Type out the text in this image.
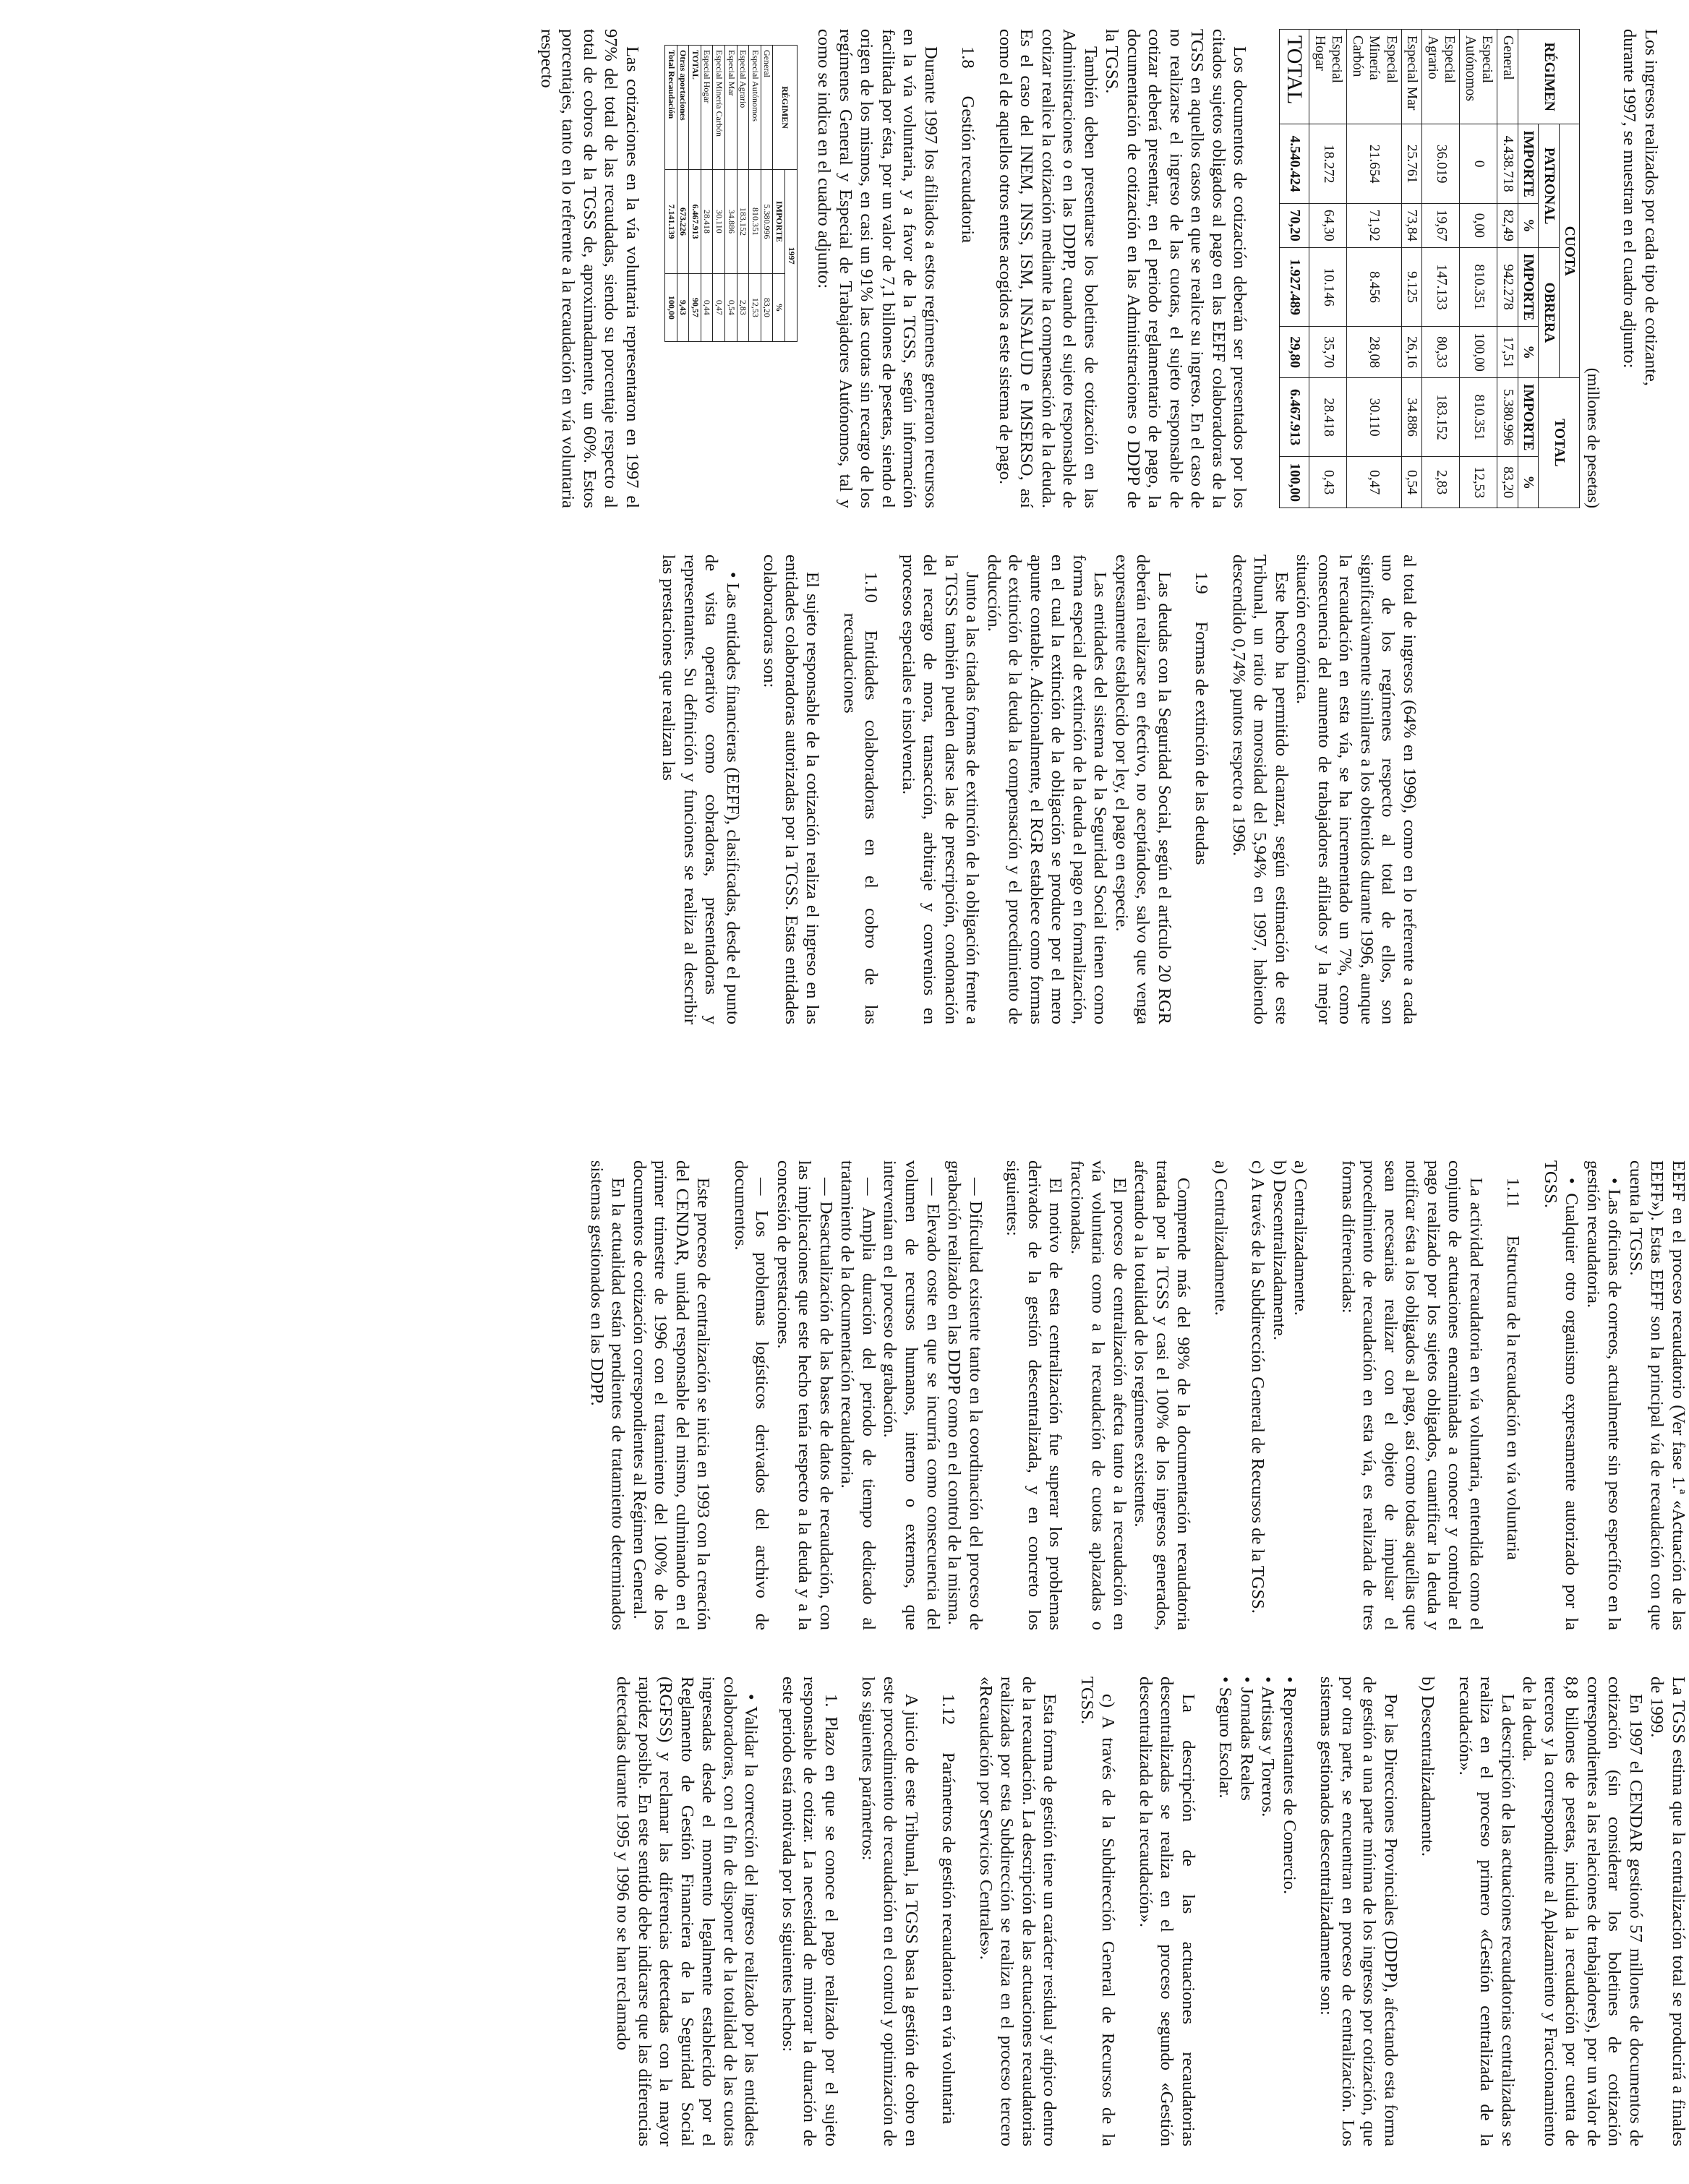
Los ingresos realizados por cada tipo de cotizante,
durante 1997, se muestran en el cuadro adjunto:

(millones de pesetas)
RÉGIMEN	CUOTA				TOTAL	
	PATRONAL		OBRERA			
	IMPORTE	%	IMPORTE	%	IMPORTE	%
General	4.438.718	82,49	942.278	17,51	5.380.996	83,20
Especial Autónomos	0	0,00	810.351	100,00	810.351	12,53
Especial Agrario	36.019	19,67	147.133	80,33	183.152	2,83
Especial Mar	25.761	73,84	9.125	26,16	34.886	0,54
Especial Minería Carbón	21.654	71,92	8.456	28,08	30.110	0,47
Especial Hogar	18.272	64,30	10.146	35,70	28.418	0,43
TOTAL	4.540.424	70,20	1.927.489	29,80	6.467.913	100,00

Los documentos de cotización deberán ser presentados por los citados sujetos obligados al pago en las EEFF colaboradoras de la TGSS en aquellos casos en que se realice su ingreso. En el caso de no realizarse el ingreso de las cuotas, el sujeto responsable de cotizar deberá presentar, en el periodo reglamentario de pago, la documentación de cotización en las Administraciones o DDPP de la TGSS.

También deben presentarse los boletines de cotización en las Administraciones o en las DDPP, cuando el sujeto responsable de cotizar realice la cotización mediante la compensación de la deuda. Es el caso del INEM, INSS, ISM, INSALUD e IMSERSO, así como el de aquellos otros entes acogidos a este sistema de pago.

1.8
Gestión recaudatoria

Durante 1997 los afiliados a estos regímenes generaron recursos en la vía voluntaria, y a favor de la TGSS, según información facilitada por ésta, por un valor de 7,1 billones de pesetas, siendo el origen de los mismos, en casi un 91% las cuotas sin recargo de los regímenes General y Especial de Trabajadores Autónomos, tal y como se indica en el cuadro adjunto:

RÉGIMEN	1997	
	IMPORTE	%
General	5.380.996	83,20
Especial Autónomos	810.351	12,53
Especial Agrario	183.152	2,83
Especial Mar	34.886	0,54
Especial Minería Carbón	30.110	0,47
Especial Hogar	28.418	0,44
TOTAL	6.467.913	90,57
Otras aportaciones	673.226	9,43
Total Recaudación	7.141.139	100,00

Las cotizaciones en la vía voluntaria representaron en 1997 el 97% del total de las recaudadas, siendo su porcentaje respecto al total de cobros de la TGSS de, aproximadamente, un 60%. Estos porcentajes, tanto en lo referente a la recaudación en vía voluntaria respecto

al total de ingresos (64% en 1996), como en lo referente a cada uno de los regímenes respecto al total de ellos, son significativamente similares a los obtenidos durante 1996, aunque la recaudación en esta vía, se ha incrementado un 7%, como consecuencia del aumento de trabajadores afiliados y la mejor situación económica.

Este hecho ha permitido alcanzar, según estimación de este Tribunal, un ratio de morosidad del 5,94% en 1997, habiendo descendido 0,74% puntos respecto a 1996.

1.9
Formas de extinción de las deudas

Las deudas con la Seguridad Social, según el artículo 20 RGR deberán realizarse en efectivo, no aceptándose, salvo que venga expresamente establecido por ley, el pago en especie.

Las entidades del sistema de la Seguridad Social tienen como forma especial de extinción de la deuda el pago en formalización, en el cual la extinción de la obligación se produce por el mero apunte contable. Adicionalmente, el RGR establece como formas de extinción de la deuda la compensación y el procedimiento de deducción.

Junto a las citadas formas de extinción de la obligación frente a la TGSS también pueden darse las de prescripción, condonación del recargo de mora, transacción, arbitraje y convenios en procesos especiales e insolvencia.

1.10
Entidades colaboradoras en el cobro de las recaudaciones

El sujeto responsable de la cotización realiza el ingreso en las entidades colaboradoras autorizadas por la TGSS. Estas entidades colaboradoras son:

• Las entidades financieras (EEFF), clasificadas, desde el punto de vista operativo como cobradoras, presentadoras y representantes. Su definición y funciones se realiza al describir las prestaciones que realizan las

EEFF en el proceso recaudatorio (Ver fase 1.ª «Actuación de las EEFF»). Estas EEFF son la principal vía de recaudación con que cuenta la TGSS.

• Las oficinas de correos, actualmente sin peso específico en la gestión recaudatoria.

• Cualquier otro organismo expresamente autorizado por la TGSS.

1.11
Estructura de la recaudación en vía voluntaria

La actividad recaudatoria en vía voluntaria, entendida como el conjunto de actuaciones encaminadas a conocer y controlar el pago realizado por los sujetos obligados, cuantificar la deuda y notificar ésta a los obligados al pago, así como todas aquéllas que sean necesarias realizar con el objeto de impulsar el procedimiento de recaudación en esta vía, es realizada de tres formas diferenciadas:

a) Centralizadamente.

b) Descentralizadamente.

c) A través de la Subdirección General de Recursos de la TGSS.

a) Centralizadamente.

Comprende más del 98% de la documentación recaudatoria tratada por la TGSS y casi el 100% de los ingresos generados, afectando a la totalidad de los regímenes existentes.

El proceso de centralización afecta tanto a la recaudación en vía voluntaria como a la recaudación de cuotas aplazadas o fraccionadas.

El motivo de esta centralización fue superar los problemas derivados de la gestión descentralizada, y en concreto los siguientes:

— Dificultad existente tanto en la coordinación del proceso de grabación realizado en las DDPP como en el control de la misma.

— Elevado coste en que se incurría como consecuencia del volumen de recursos humanos, interno o externos, que intervenían en el proceso de grabación.

— Amplia duración del periodo de tiempo dedicado al tratamiento de la documentación recaudatoria.

— Desactualización de las bases de datos de recaudación, con las implicaciones que este hecho tenía respecto a la deuda y a la concesión de prestaciones.

— Los problemas logísticos derivados del archivo de documentos.

Este proceso de centralización se inicia en 1993 con la creación del CENDAR, unidad responsable del mismo, culminando en el primer trimestre de 1996 con el tratamiento del 100% de los documentos de cotización correspondientes al Régimen General.

En la actualidad están pendientes de tratamiento determinados sistemas gestionados en las DDPP.

La TGSS estima que la centralización total se producirá a finales de 1999.

En 1997 el CENDAR gestionó 57 millones de documentos de cotización (sin considerar los boletines de cotización correspondientes a las relaciones de trabajadores), por un valor de 8,8 billones de pesetas, incluida la recaudación por cuenta de terceros y la correspondiente al Aplazamiento y Fraccionamiento de la deuda.

La descripción de las actuaciones recaudatorias centralizadas se realiza en el proceso primero «Gestión centralizada de la recaudación».

b) Descentralizadamente.

Por las Direcciones Provinciales (DDPP), afectando esta forma de gestión a una parte mínima de los ingresos por cotización, que por otra parte, se encuentran en proceso de centralización. Los sistemas gestionados descentralizadamente son:

• Representantes de Comercio.

• Artistas y Toreros.

• Jornadas Reales

• Seguro Escolar.

La descripción de las actuaciones recaudatorias descentralizadas se realiza en el proceso segundo «Gestión descentralizada de la recaudación».

c) A través de la Subdirección General de Recursos de la TGSS.

Esta forma de gestión tiene un carácter residual y atípico dentro de la recaudación. La descripción de las actuaciones recaudatorias realizadas por esta Subdirección se realiza en el proceso tercero «Recaudación por Servicios Centrales».

1.12
Parámetros de gestión recaudatoria en vía voluntaria

A juicio de este Tribunal, la TGSS basa la gestión de cobro en este procedimiento de recaudación en el control y optimización de los siguientes parámetros:

1. Plazo en que se conoce el pago realizado por el sujeto responsable de cotizar. La necesidad de minorar la duración de este periodo está motivada por los siguientes hechos:

• Validar la corrección del ingreso realizado por las entidades colaboradoras, con el fin de disponer de la totalidad de las cuotas ingresadas desde el momento legalmente establecido por el Reglamento de Gestión Financiera de la Seguridad Social (RGFSS) y reclamar las diferencias detectadas con la mayor rapidez posible. En este sentido debe indicarse que las diferencias detectadas durante 1995 y 1996 no se han reclamado
